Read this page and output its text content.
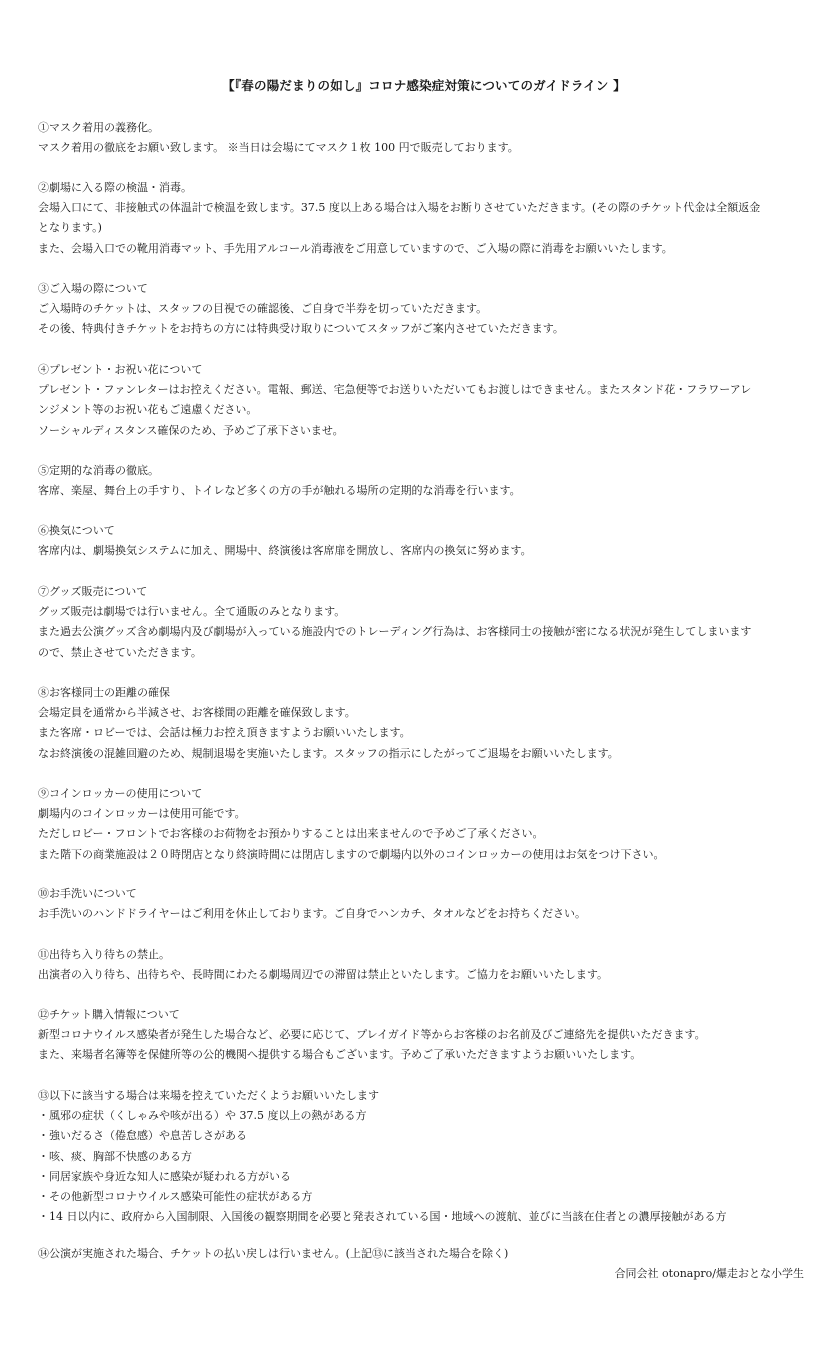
【『春の陽だまりの如し』コロナ感染症対策についてのガイドライン 】
①マスク着用の義務化。
マスク着用の徹底をお願い致します。 ※当日は会場にてマスク１枚 100 円で販売しております。
②劇場に入る際の検温・消毒。
会場入口にて、非接触式の体温計で検温を致します。37.5 度以上ある場合は入場をお断りさせていただきます。(その際のチケット代金は全額返金
となります。)
また、会場入口での靴用消毒マット、手先用アルコール消毒液をご用意していますので、ご入場の際に消毒をお願いいたします。
③ご入場の際について
ご入場時のチケットは、スタッフの目視での確認後、ご自身で半券を切っていただきます。
その後、特典付きチケットをお持ちの方には特典受け取りについてスタッフがご案内させていただきます。
④プレゼント・お祝い花について
プレゼント・ファンレターはお控えください。電報、郵送、宅急便等でお送りいただいてもお渡しはできません。またスタンド花・フラワーアレ
ンジメント等のお祝い花もご遠慮ください。
ソーシャルディスタンス確保のため、予めご了承下さいませ。
⑤定期的な消毒の徹底。
客席、楽屋、舞台上の手すり、トイレなど多くの方の手が触れる場所の定期的な消毒を行います。
⑥換気について
客席内は、劇場換気システムに加え、開場中、終演後は客席扉を開放し、客席内の換気に努めます。
⑦グッズ販売について
グッズ販売は劇場では行いません。全て通販のみとなります。
また過去公演グッズ含め劇場内及び劇場が入っている施設内でのトレーディング行為は、お客様同士の接触が密になる状況が発生してしまいます
ので、禁止させていただきます。
⑧お客様同士の距離の確保
会場定員を通常から半減させ、お客様間の距離を確保致します。
また客席・ロビーでは、会話は極力お控え頂きますようお願いいたします。
なお終演後の混雑回避のため、規制退場を実施いたします。スタッフの指示にしたがってご退場をお願いいたします。
⑨コインロッカーの使用について
劇場内のコインロッカーは使用可能です。
ただしロビー・フロントでお客様のお荷物をお預かりすることは出来ませんので予めご了承ください。
また階下の商業施設は２０時閉店となり終演時間には閉店しますので劇場内以外のコインロッカーの使用はお気をつけ下さい。
⑩お手洗いについて
お手洗いのハンドドライヤーはご利用を休止しております。ご自身でハンカチ、タオルなどをお持ちください。
⑪出待ち入り待ちの禁止。
出演者の入り待ち、出待ちや、長時間にわたる劇場周辺での滞留は禁止といたします。ご協力をお願いいたします。
⑫チケット購入情報について
新型コロナウイルス感染者が発生した場合など、必要に応じて、プレイガイド等からお客様のお名前及びご連絡先を提供いただきます。
また、来場者名簿等を保健所等の公的機関へ提供する場合もございます。予めご了承いただきますようお願いいたします。
⑬以下に該当する場合は来場を控えていただくようお願いいたします
・風邪の症状（くしゃみや咳が出る）や 37.5 度以上の熱がある方
・強いだるさ（倦怠感）や息苦しさがある
・咳、痰、胸部不快感のある方
・同居家族や身近な知人に感染が疑われる方がいる
・その他新型コロナウイルス感染可能性の症状がある方
・14 日以内に、政府から入国制限、入国後の観察期間を必要と発表されている国・地域への渡航、並びに当該在住者との濃厚接触がある方
⑭公演が実施された場合、チケットの払い戻しは行いません。(上記⑬に該当された場合を除く)
合同会社 otonapro/爆走おとな小学生
